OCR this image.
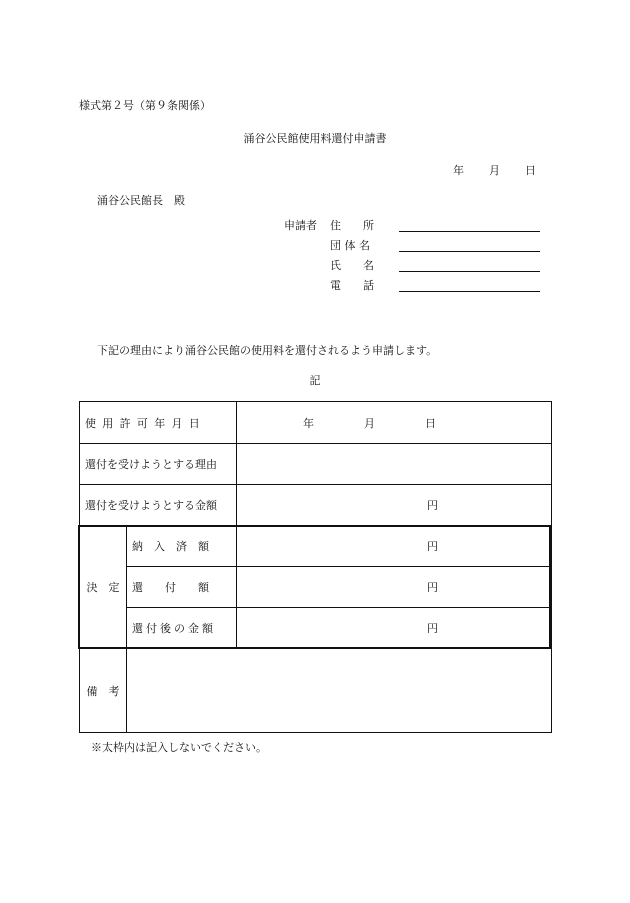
様式第２号（第９条関係）
涌谷公民館使用料還付申請書
年 月 日
涌谷公民館長　殿
申請者 住　　所
団 体 名
氏　　名
電　　話
下記の理由により涌谷公民館の使用料を還付されるよう申請します。
記
使用許可年月日		年 月 日
還付を受けようとする理由		
還付を受けようとする金額		円
決　定	納　入　済　額	円
	還　　付　　額	円
	還付後の金額	円
備　考		
※太枠内は記入しないでください。
